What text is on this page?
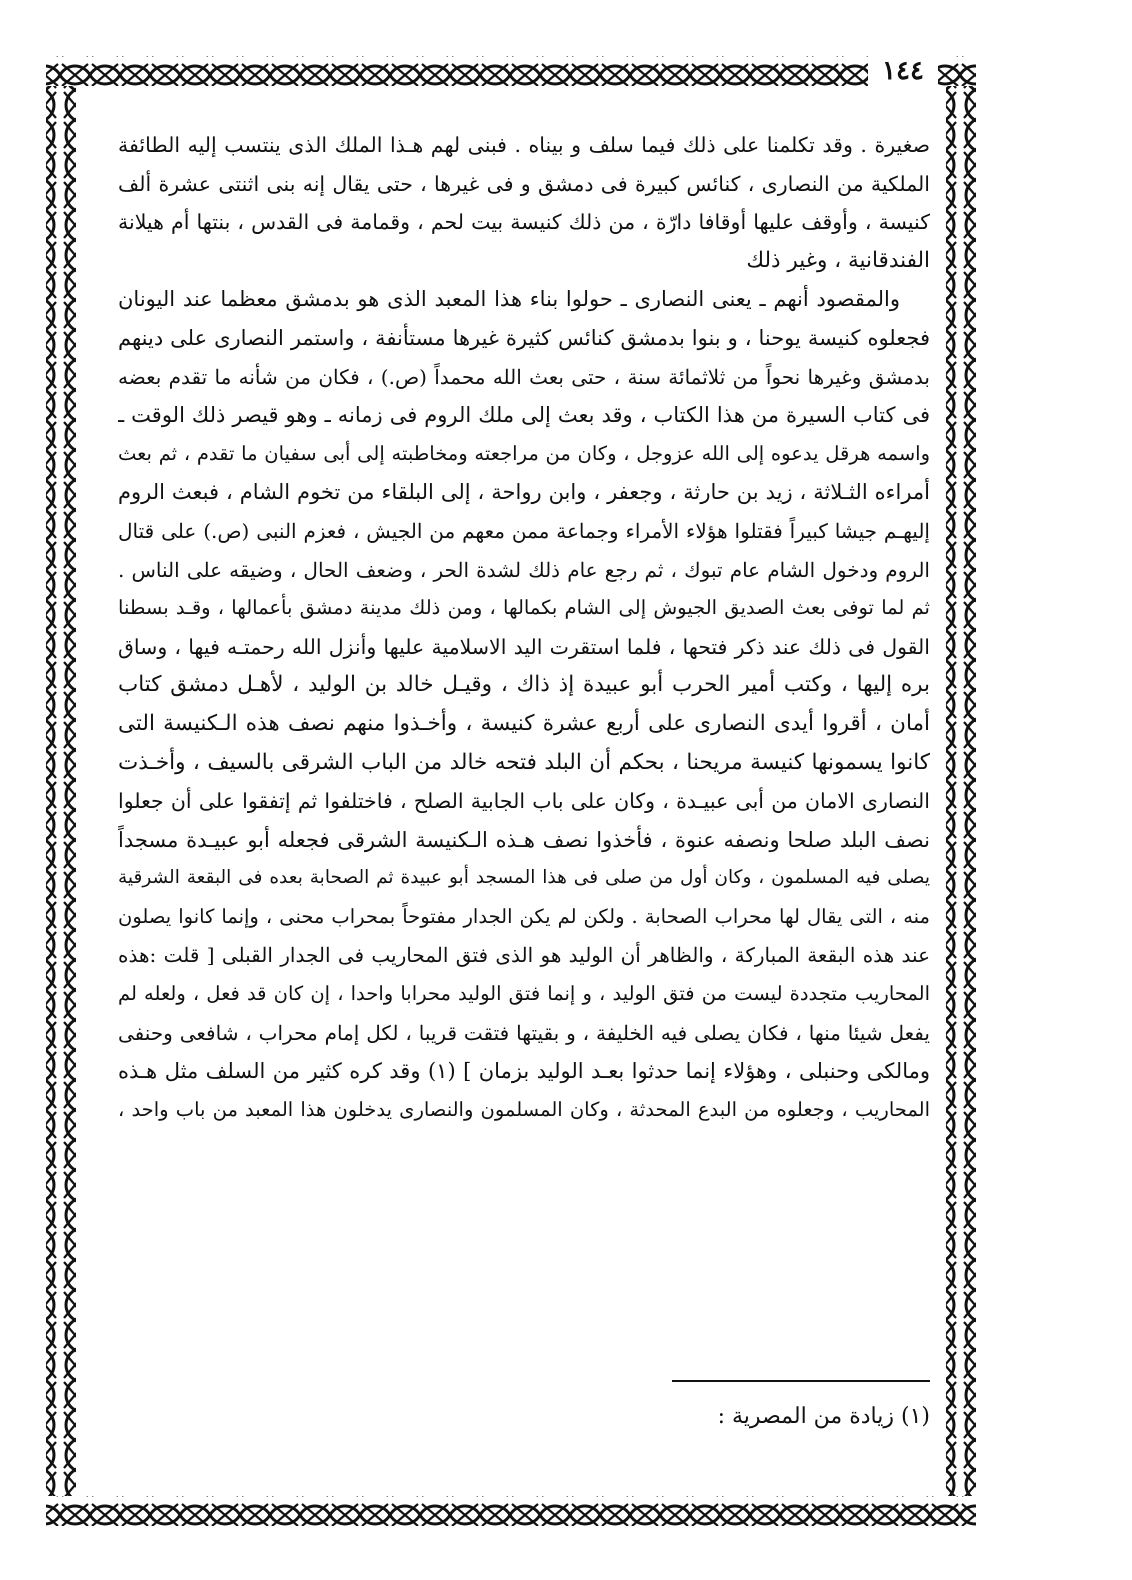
١٤٤
صغيرة . وقد تكلمنا على ذلك فيما سلف و بيناه . فبنى لهم هـذا الملك الذى ينتسب إليه الطائفة
الملكية من النصارى ، كنائس كبيرة فى دمشق و فى غيرها ، حتى يقال إنه بنى اثنتى عشرة ألف
كنيسة ، وأوقف عليها أوقافا دارّة ، من ذلك كنيسة بيت لحم ، وقمامة فى القدس ، بنتها أم هيلانة
الفندقانية ، وغير ذلك
والمقصود أنهم ـ يعنى النصارى ـ حولوا بناء هذا المعبد الذى هو بدمشق معظما عند اليونان
فجعلوه كنيسة يوحنا ، و بنوا بدمشق كنائس كثيرة غيرها مستأنفة ، واستمر النصارى على دينهم
بدمشق وغيرها نحواً من ثلاثمائة سنة ، حتى بعث الله محمداً (ص.) ، فكان من شأنه ما تقدم بعضه
فى كتاب السيرة من هذا الكتاب ، وقد بعث إلى ملك الروم فى زمانه ـ وهو قيصر ذلك الوقت ـ
واسمه هرقل يدعوه إلى الله عزوجل ، وكان من مراجعته ومخاطبته إلى أبى سفيان ما تقدم ، ثم بعث
أمراءه الثـلاثة ، زيد بن حارثة ، وجعفر ، وابن رواحة ، إلى البلقاء من تخوم الشام ، فبعث الروم
إليهـم جيشا كبيراً فقتلوا هؤلاء الأمراء وجماعة ممن معهم من الجيش ، فعزم النبى (ص.) على قتال
الروم ودخول الشام عام تبوك ، ثم رجع عام ذلك لشدة الحر ، وضعف الحال ، وضيقه على الناس .
ثم لما توفى بعث الصديق الجيوش إلى الشام بكمالها ، ومن ذلك مدينة دمشق بأعمالها ، وقـد بسطنا
القول فى ذلك عند ذكر فتحها ، فلما استقرت اليد الاسلامية عليها وأنزل الله رحمتـه فيها ، وساق
بره إليها ، وكتب أمير الحرب أبو عبيدة إذ ذاك ، وقيـل خالد بن الوليد ، لأهـل دمشق كتاب
أمان ، أقروا أيدى النصارى على أربع عشرة كنيسة ، وأخـذوا منهم نصف هذه الـكنيسة التى
كانوا يسمونها كنيسة مريحنا ، بحكم أن البلد فتحه خالد من الباب الشرقى بالسيف ، وأخـذت
النصارى الامان من أبى عبيـدة ، وكان على باب الجابية الصلح ، فاختلفوا ثم إتفقوا على أن جعلوا
نصف البلد صلحا ونصفه عنوة ، فأخذوا نصف هـذه الـكنيسة الشرقى فجعله أبو عبيـدة مسجداً
يصلى فيه المسلمون ، وكان أول من صلى فى هذا المسجد أبو عبيدة ثم الصحابة بعده فى البقعة الشرقية
منه ، التى يقال لها محراب الصحابة . ولكن لم يكن الجدار مفتوحاً بمحراب محنى ، وإنما كانوا يصلون
عند هذه البقعة المباركة ، والظاهر أن الوليد هو الذى فتق المحاريب فى الجدار القبلى [ قلت :هذه
المحاريب متجددة ليست من فتق الوليد ، و إنما فتق الوليد محرابا واحدا ، إن كان قد فعل ، ولعله لم
يفعل شيئا منها ، فكان يصلى فيه الخليفة ، و بقيتها فتقت قريبا ، لكل إمام محراب ، شافعى وحنفى
ومالكى وحنبلى ، وهؤلاء إنما حدثوا بعـد الوليد بزمان ] (١) وقد كره كثير من السلف مثل هـذه
المحاريب ، وجعلوه من البدع المحدثة ، وكان المسلمون والنصارى يدخلون هذا المعبد من باب واحد ،
(١) زيادة من المصرية :
